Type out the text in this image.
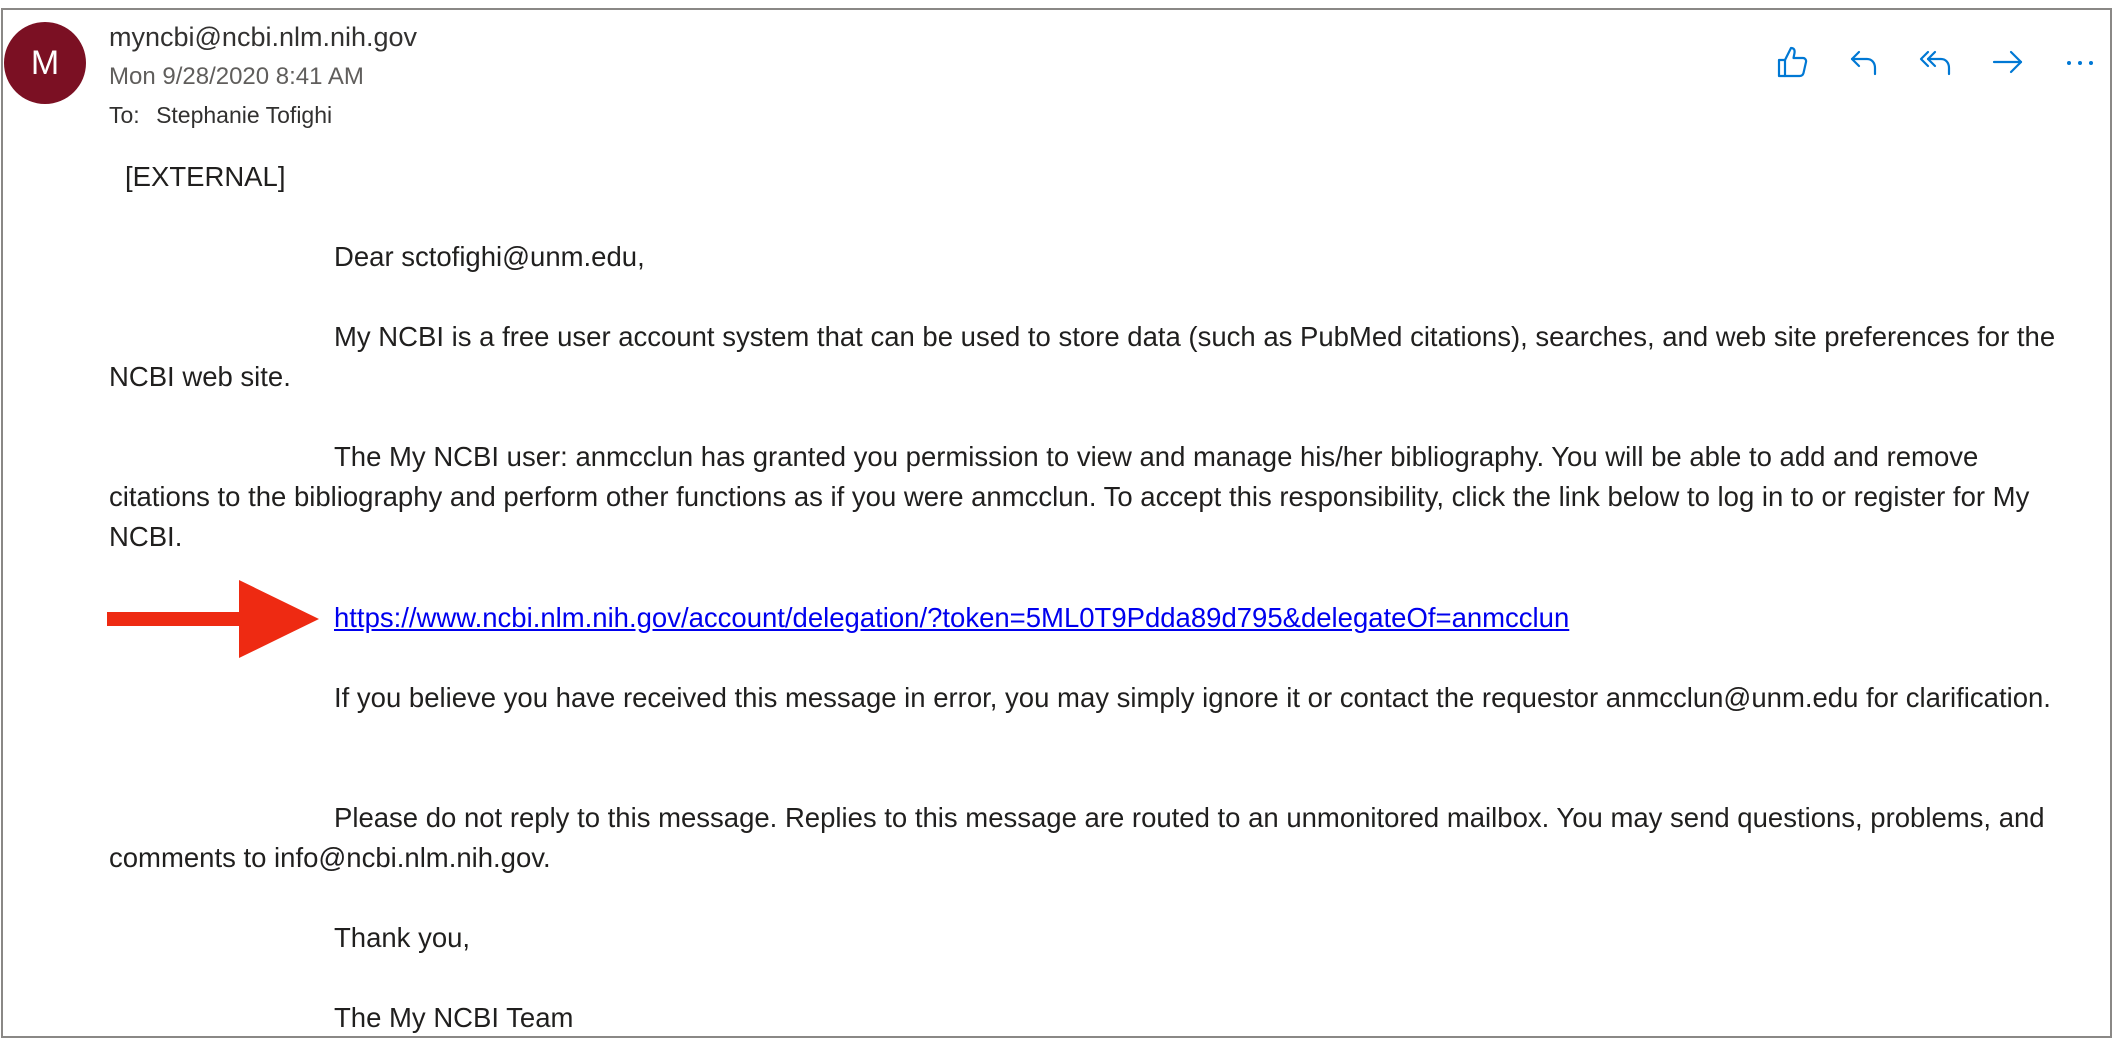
M
myncbi@ncbi.nlm.nih.gov
Mon 9/28/2020 8:41 AM
To: Stephanie Tofighi
[EXTERNAL]
Dear sctofighi@unm.edu,
My NCBI is a free user account system that can be used to store data (such as PubMed citations), searches, and web site preferences for the NCBI web site.
The My NCBI user: anmcclun has granted you permission to view and manage his/her bibliography. You will be able to add and remove citations to the bibliography and perform other functions as if you were anmcclun. To accept this responsibility, click the link below to log in to or register for My NCBI.
https://www.ncbi.nlm.nih.gov/account/delegation/?token=5ML0T9Pdda89d795&delegateOf=anmcclun
If you believe you have received this message in error, you may simply ignore it or contact the requestor anmcclun@unm.edu for clarification.
Please do not reply to this message. Replies to this message are routed to an unmonitored mailbox. You may send questions, problems, and comments to info@ncbi.nlm.nih.gov.
Thank you,
The My NCBI Team
